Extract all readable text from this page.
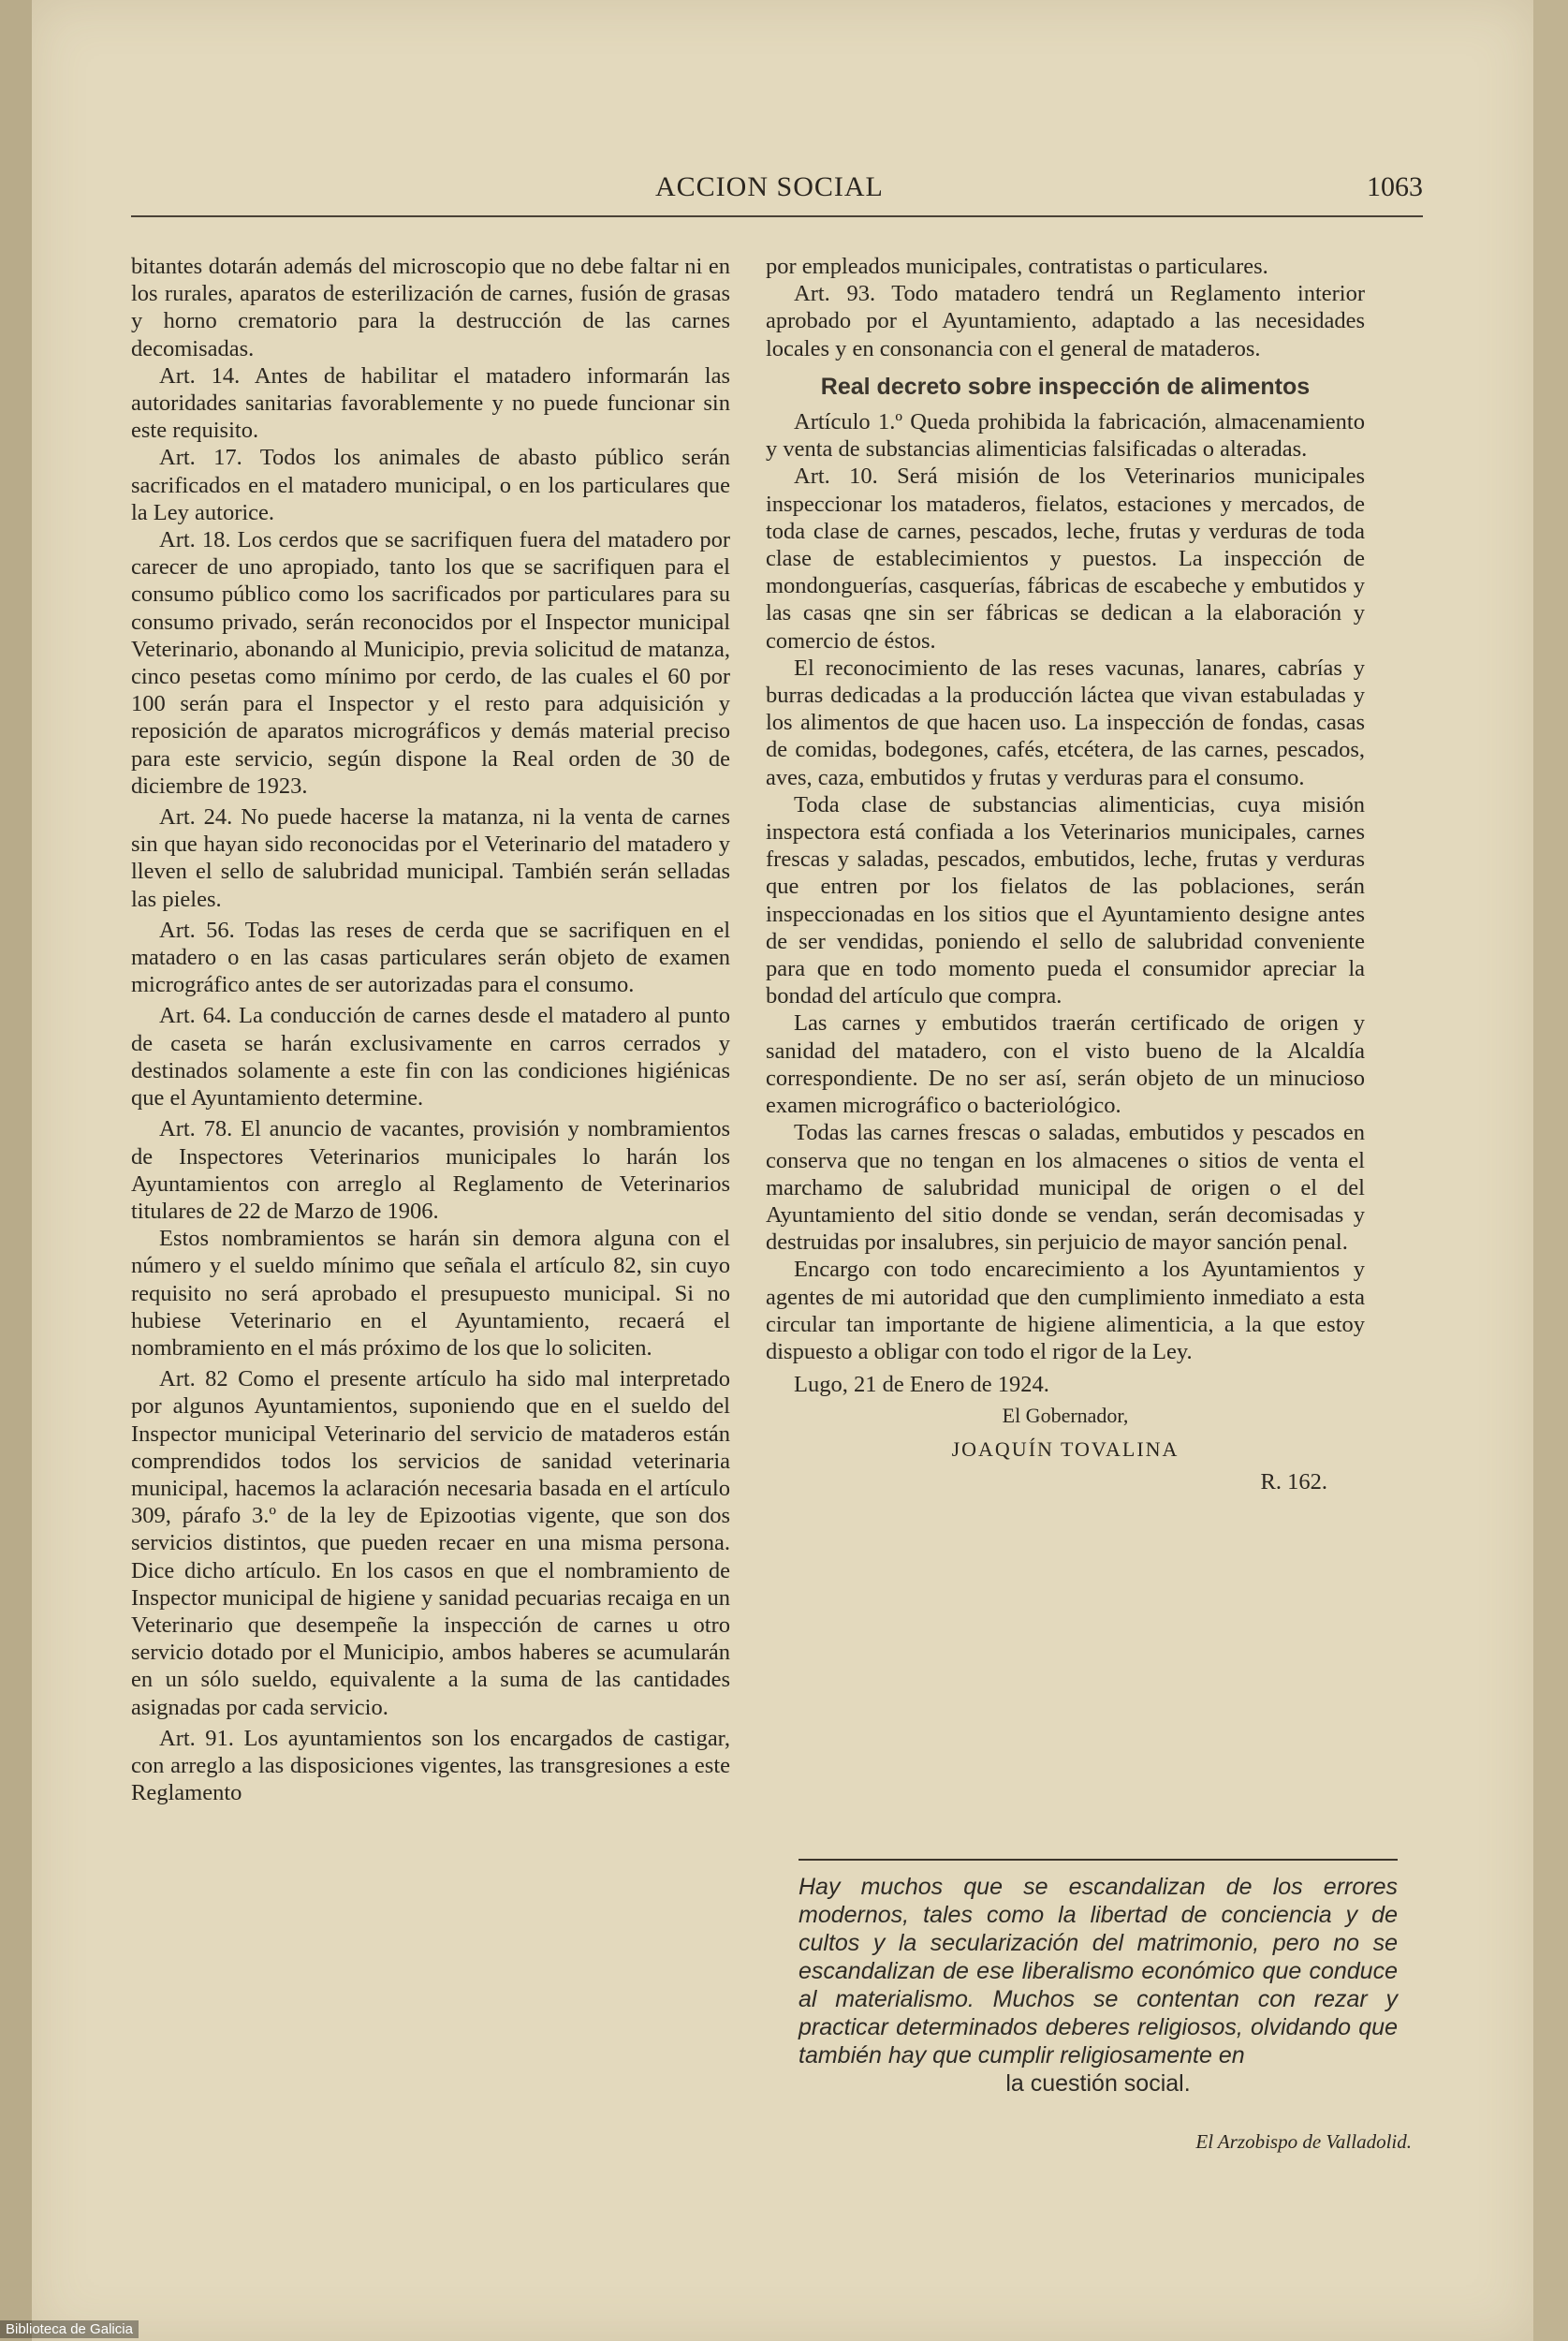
ACCION SOCIAL	1063

bitantes dotarán además del microscopio que no debe faltar ni en los rurales, aparatos de esterilización de carnes, fusión de grasas y horno crematorio para la destrucción de las carnes decomisadas.

Art. 14. Antes de habilitar el matadero informarán las autoridades sanitarias favorablemente y no puede funcionar sin este requisito.

Art. 17. Todos los animales de abasto público serán sacrificados en el matadero municipal, o en los particulares que la Ley autorice.

Art. 18. Los cerdos que se sacrifiquen fuera del matadero por carecer de uno apropiado, tanto los que se sacrifiquen para el consumo público como los sacrificados por particulares para su consumo privado, serán reconocidos por el Inspector municipal Veterinario, abonando al Municipio, previa solicitud de matanza, cinco pesetas como mínimo por cerdo, de las cuales el 60 por 100 serán para el Inspector y el resto para adquisición y reposición de aparatos micrográficos y demás material preciso para este servicio, según dispone la Real orden de 30 de diciembre de 1923.

Art. 24. No puede hacerse la matanza, ni la venta de carnes sin que hayan sido reconocidas por el Veterinario del matadero y lleven el sello de salubridad municipal. También serán selladas las pieles.

Art. 56. Todas las reses de cerda que se sacrifiquen en el matadero o en las casas particulares serán objeto de examen micrográfico antes de ser autorizadas para el consumo.

Art. 64. La conducción de carnes desde el matadero al punto de caseta se harán exclusivamente en carros cerrados y destinados solamente a este fin con las condiciones higiénicas que el Ayuntamiento determine.

Art. 78. El anuncio de vacantes, provisión y nombramientos de Inspectores Veterinarios municipales lo harán los Ayuntamientos con arreglo al Reglamento de Veterinarios titulares de 22 de Marzo de 1906.

Estos nombramientos se harán sin demora alguna con el número y el sueldo mínimo que señala el artículo 82, sin cuyo requisito no será aprobado el presupuesto municipal. Si no hubiese Veterinario en el Ayuntamiento, recaerá el nombramiento en el más próximo de los que lo soliciten.

Art. 82 Como el presente artículo ha sido mal interpretado por algunos Ayuntamientos, suponiendo que en el sueldo del Inspector municipal Veterinario del servicio de mataderos están comprendidos todos los servicios de sanidad veterinaria municipal, hacemos la aclaración necesaria basada en el artículo 309, párafo 3.º de la ley de Epizootias vigente, que son dos servicios distintos, que pueden recaer en una misma persona. Dice dicho artículo. En los casos en que el nombramiento de Inspector municipal de higiene y sanidad pecuarias recaiga en un Veterinario que desempeñe la inspección de carnes u otro servicio dotado por el Municipio, ambos haberes se acumularán en un sólo sueldo, equivalente a la suma de las cantidades asignadas por cada servicio.

Art. 91. Los ayuntamientos son los encargados de castigar, con arreglo a las disposiciones vigentes, las transgresiones a este Reglamento

por empleados municipales, contratistas o particulares.

Art. 93. Todo matadero tendrá un Reglamento interior aprobado por el Ayuntamiento, adaptado a las necesidades locales y en consonancia con el general de mataderos.

Real decreto sobre inspección de alimentos

Artículo 1.º Queda prohibida la fabricación, almacenamiento y venta de substancias alimenticias falsificadas o alteradas.

Art. 10. Será misión de los Veterinarios municipales inspeccionar los mataderos, fielatos, estaciones y mercados, de toda clase de carnes, pescados, leche, frutas y verduras de toda clase de establecimientos y puestos. La inspección de mondonguerías, casquerías, fábricas de escabeche y embutidos y las casas qne sin ser fábricas se dedican a la elaboración y comercio de éstos.

El reconocimiento de las reses vacunas, lanares, cabrías y burras dedicadas a la producción láctea que vivan estabuladas y los alimentos de que hacen uso. La inspección de fondas, casas de comidas, bodegones, cafés, etcétera, de las carnes, pescados, aves, caza, embutidos y frutas y verduras para el consumo.

Toda clase de substancias alimenticias, cuya misión inspectora está confiada a los Veterinarios municipales, carnes frescas y saladas, pescados, embutidos, leche, frutas y verduras que entren por los fielatos de las poblaciones, serán inspeccionadas en los sitios que el Ayuntamiento designe antes de ser vendidas, poniendo el sello de salubridad conveniente para que en todo momento pueda el consumidor apreciar la bondad del artículo que compra.

Las carnes y embutidos traerán certificado de origen y sanidad del matadero, con el visto bueno de la Alcaldía correspondiente. De no ser así, serán objeto de un minucioso examen micrográfico o bacteriológico.

Todas las carnes frescas o saladas, embutidos y pescados en conserva que no tengan en los almacenes o sitios de venta el marchamo de salubridad municipal de origen o el del Ayuntamiento del sitio donde se vendan, serán decomisadas y destruidas por insalubres, sin perjuicio de mayor sanción penal.

Encargo con todo encarecimiento a los Ayuntamientos y agentes de mi autoridad que den cumplimiento inmediato a esta circular tan importante de higiene alimenticia, a la que estoy dispuesto a obligar con todo el rigor de la Ley.

Lugo, 21 de Enero de 1924.
El Gobernador,
JOAQUÍN TOVALINA
R. 162.
Hay muchos que se escandalizan de los errores modernos, tales como la libertad de conciencia y de cultos y la secularización del matrimonio, pero no se escandalizan de ese liberalismo económico que conduce al materialismo. Muchos se contentan con rezar y practicar determinados deberes religiosos, olvidando que también hay que cumplir religiosamente en
la cuestión social.
El Arzobispo de Valladolid.
Biblioteca de Galicia
